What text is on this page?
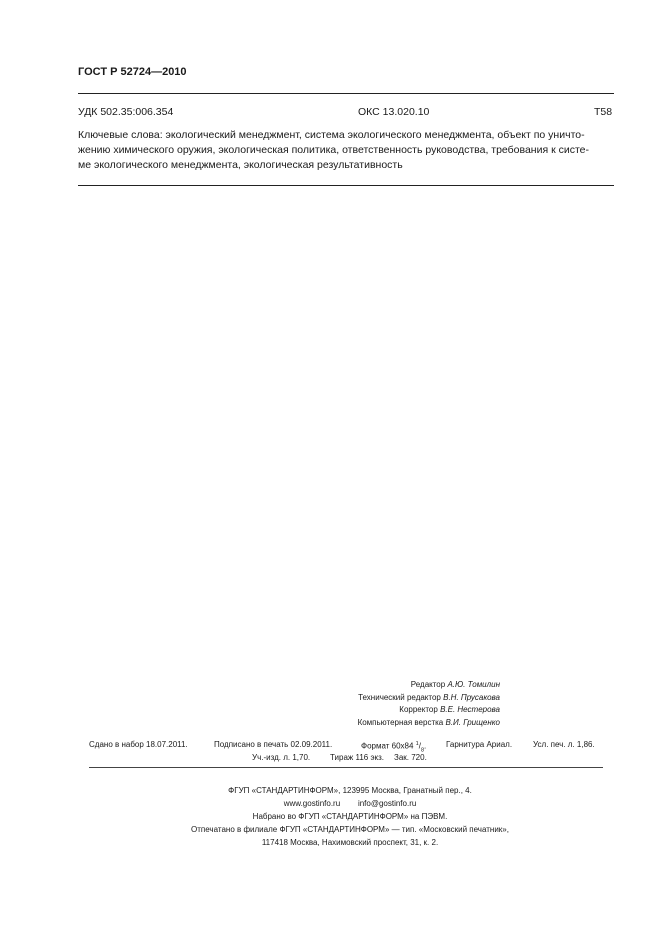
ГОСТ Р 52724—2010
УДК 502.35:006.354	ОКС 13.020.10	Т58
Ключевые слова: экологический менеджмент, система экологического менеджмента, объект по уничто-
жению химического оружия, экологическая политика, ответственность руководства, требования к систе-
ме экологического менеджмента, экологическая результативность
Редактор А.Ю. Томилин
Технический редактор В.Н. Прусакова
Корректор В.Е. Нестерова
Компьютерная верстка В.И. Грищенко
Сдано в набор 18.07.2011.	Подписано в печать 02.09.2011.	Формат 60x84 $^1/_8$. Гарнитура Ариал.	Усл. печ. л. 1,86.
Уч.-изд. л. 1,70. Тираж 116 экз. Зак. 720.
ФГУП «СТАНДАРТИНФОРМ», 123995 Москва, Гранатный пер., 4.
www.gostinfo.ru        info@gostinfo.ru
Набрано во ФГУП «СТАНДАРТИНФОРМ» на ПЭВМ.
Отпечатано в филиале ФГУП «СТАНДАРТИНФОРМ» — тип. «Московский печатник»,
117418 Москва, Нахимовский проспект, 31, к. 2.
